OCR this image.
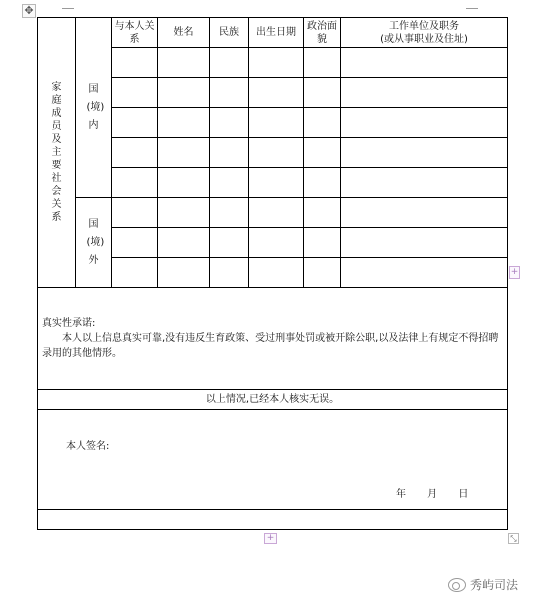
✥
家庭成员及主要社会关系	国(境)内	与本人关　系	姓名	民族	出生日期	政治面貌	工作单位及职务
(或从事职业及住址)

	国(境)外						

真实性承诺:
本人以上信息真实可靠,没有违反生育政策、受过刑事处罚或被开除公职,以及法律上有规定不得招聘录用的其他情形。							

以上情况,已经本人核实无误。							

本人签名:
年 月 日							

+
+	⤡
秀屿司法
